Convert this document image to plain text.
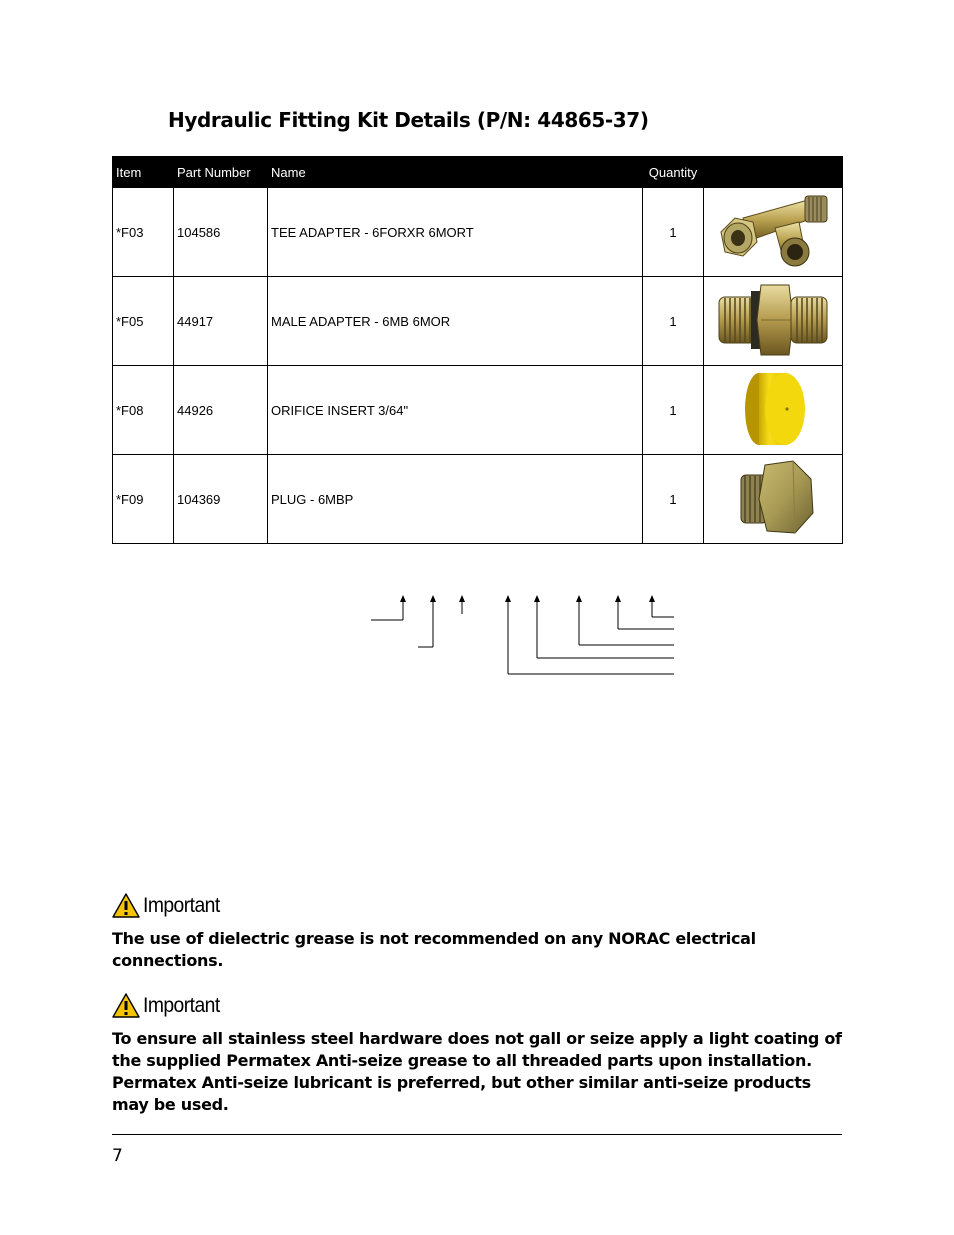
Hydraulic Fitting Kit Details (P/N: 44865-37)
Item	Part Number	Name	Quantity	
*F03	104586	TEE ADAPTER - 6FORXR 6MORT	1	
*F05	44917	MALE ADAPTER - 6MB 6MOR	1	
*F08	44926	ORIFICE INSERT 3/64"	1	
*F09	104369	PLUG - 6MBP	1	
Important
The use of dielectric grease is not recommended on any NORAC electrical connections.
Important
To ensure all stainless steel hardware does not gall or seize apply a light coating of the supplied Permatex Anti-seize grease to all threaded parts upon installation. Permatex Anti-seize lubricant is preferred, but other similar anti-seize products may be used.
7
